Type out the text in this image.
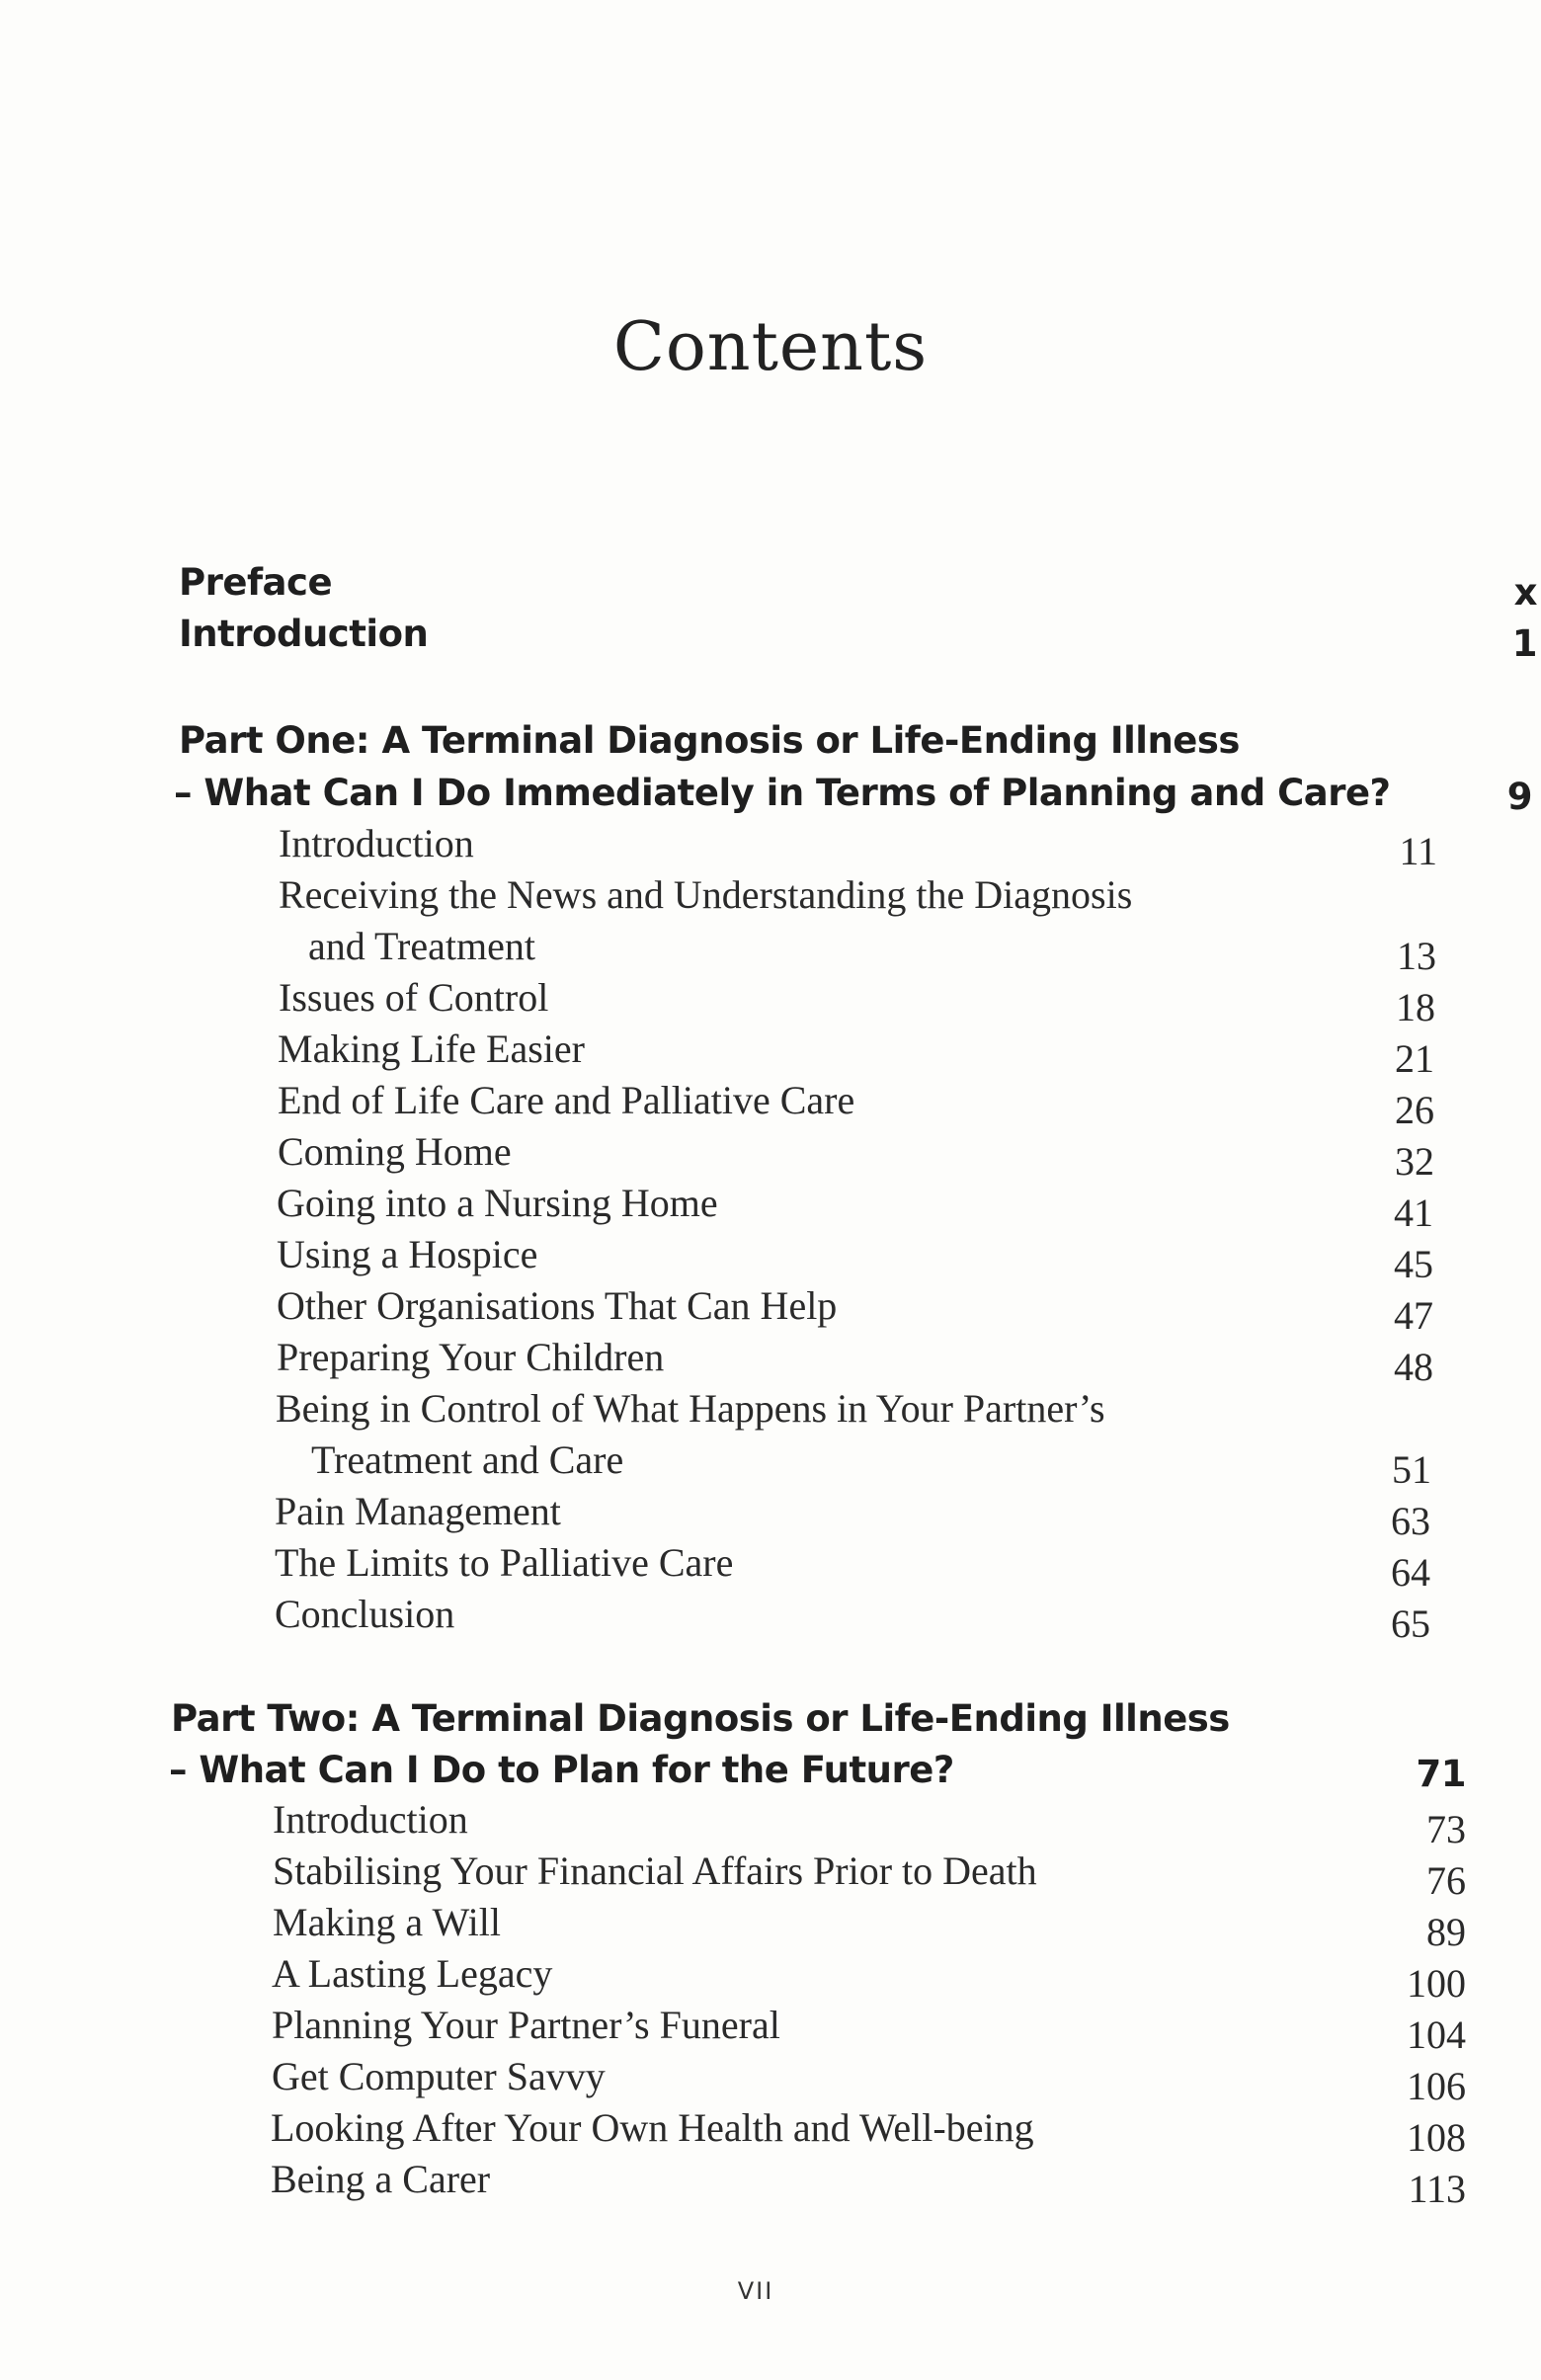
Contents
Preface	x
Introduction	1
Part One: A Terminal Diagnosis or Life-Ending Illness
– What Can I Do Immediately in Terms of Planning and Care?	9
Introduction	11
Receiving the News and Understanding the Diagnosis
and Treatment	13
Issues of Control	18
Making Life Easier	21
End of Life Care and Palliative Care	26
Coming Home	32
Going into a Nursing Home	41
Using a Hospice	45
Other Organisations That Can Help	47
Preparing Your Children	48
Being in Control of What Happens in Your Partner’s
Treatment and Care	51
Pain Management	63
The Limits to Palliative Care	64
Conclusion	65
Part Two: A Terminal Diagnosis or Life-Ending Illness
– What Can I Do to Plan for the Future?	71
Introduction	73
Stabilising Your Financial Affairs Prior to Death	76
Making a Will	89
A Lasting Legacy	100
Planning Your Partner’s Funeral	104
Get Computer Savvy	106
Looking After Your Own Health and Well-being	108
Being a Carer	113
VII
